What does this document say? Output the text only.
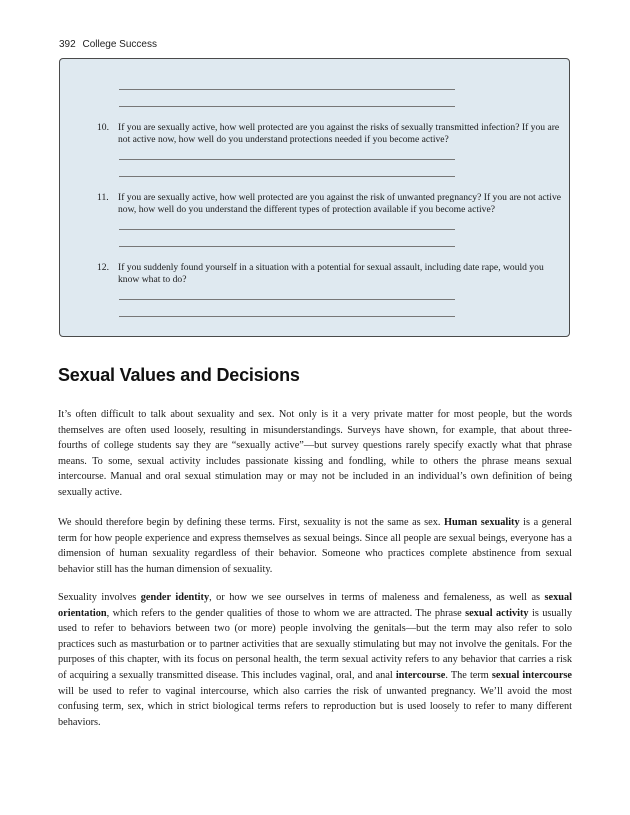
392 College Success
10. If you are sexually active, how well protected are you against the risks of sexually transmitted infection? If you are not active now, how well do you understand protections needed if you become active?
11. If you are sexually active, how well protected are you against the risk of unwanted pregnancy? If you are not active now, how well do you understand the different types of protection available if you become active?
12. If you suddenly found yourself in a situation with a potential for sexual assault, including date rape, would you know what to do?
Sexual Values and Decisions

It’s often difficult to talk about sexuality and sex. Not only is it a very private matter for most people, but the words themselves are often used loosely, resulting in misunderstandings. Surveys have shown, for example, that about three-fourths of college students say they are “sexually active”—but survey questions rarely specify exactly what that phrase means. To some, sexual activity includes passionate kissing and fondling, while to others the phrase means sexual intercourse. Manual and oral sexual stimulation may or may not be included in an individual’s own definition of being sexually active.

We should therefore begin by defining these terms. First, sexuality is not the same as sex. Human sexuality is a general term for how people experience and express themselves as sexual beings. Since all people are sexual beings, everyone has a dimension of human sexuality regardless of their behavior. Someone who practices complete abstinence from sexual behavior still has the human dimension of sexuality.

Sexuality involves gender identity, or how we see ourselves in terms of maleness and femaleness, as well as sexual orientation, which refers to the gender qualities of those to whom we are attracted. The phrase sexual activity is usually used to refer to behaviors between two (or more) people involving the genitals—but the term may also refer to solo practices such as masturbation or to partner activities that are sexually stimulating but may not involve the genitals. For the purposes of this chapter, with its focus on personal health, the term sexual activity refers to any behavior that carries a risk of acquiring a sexually transmitted disease. This includes vaginal, oral, and anal intercourse. The term sexual intercourse will be used to refer to vaginal intercourse, which also carries the risk of unwanted pregnancy. We’ll avoid the most confusing term, sex, which in strict biological terms refers to reproduction but is used loosely to refer to many different behaviors.
